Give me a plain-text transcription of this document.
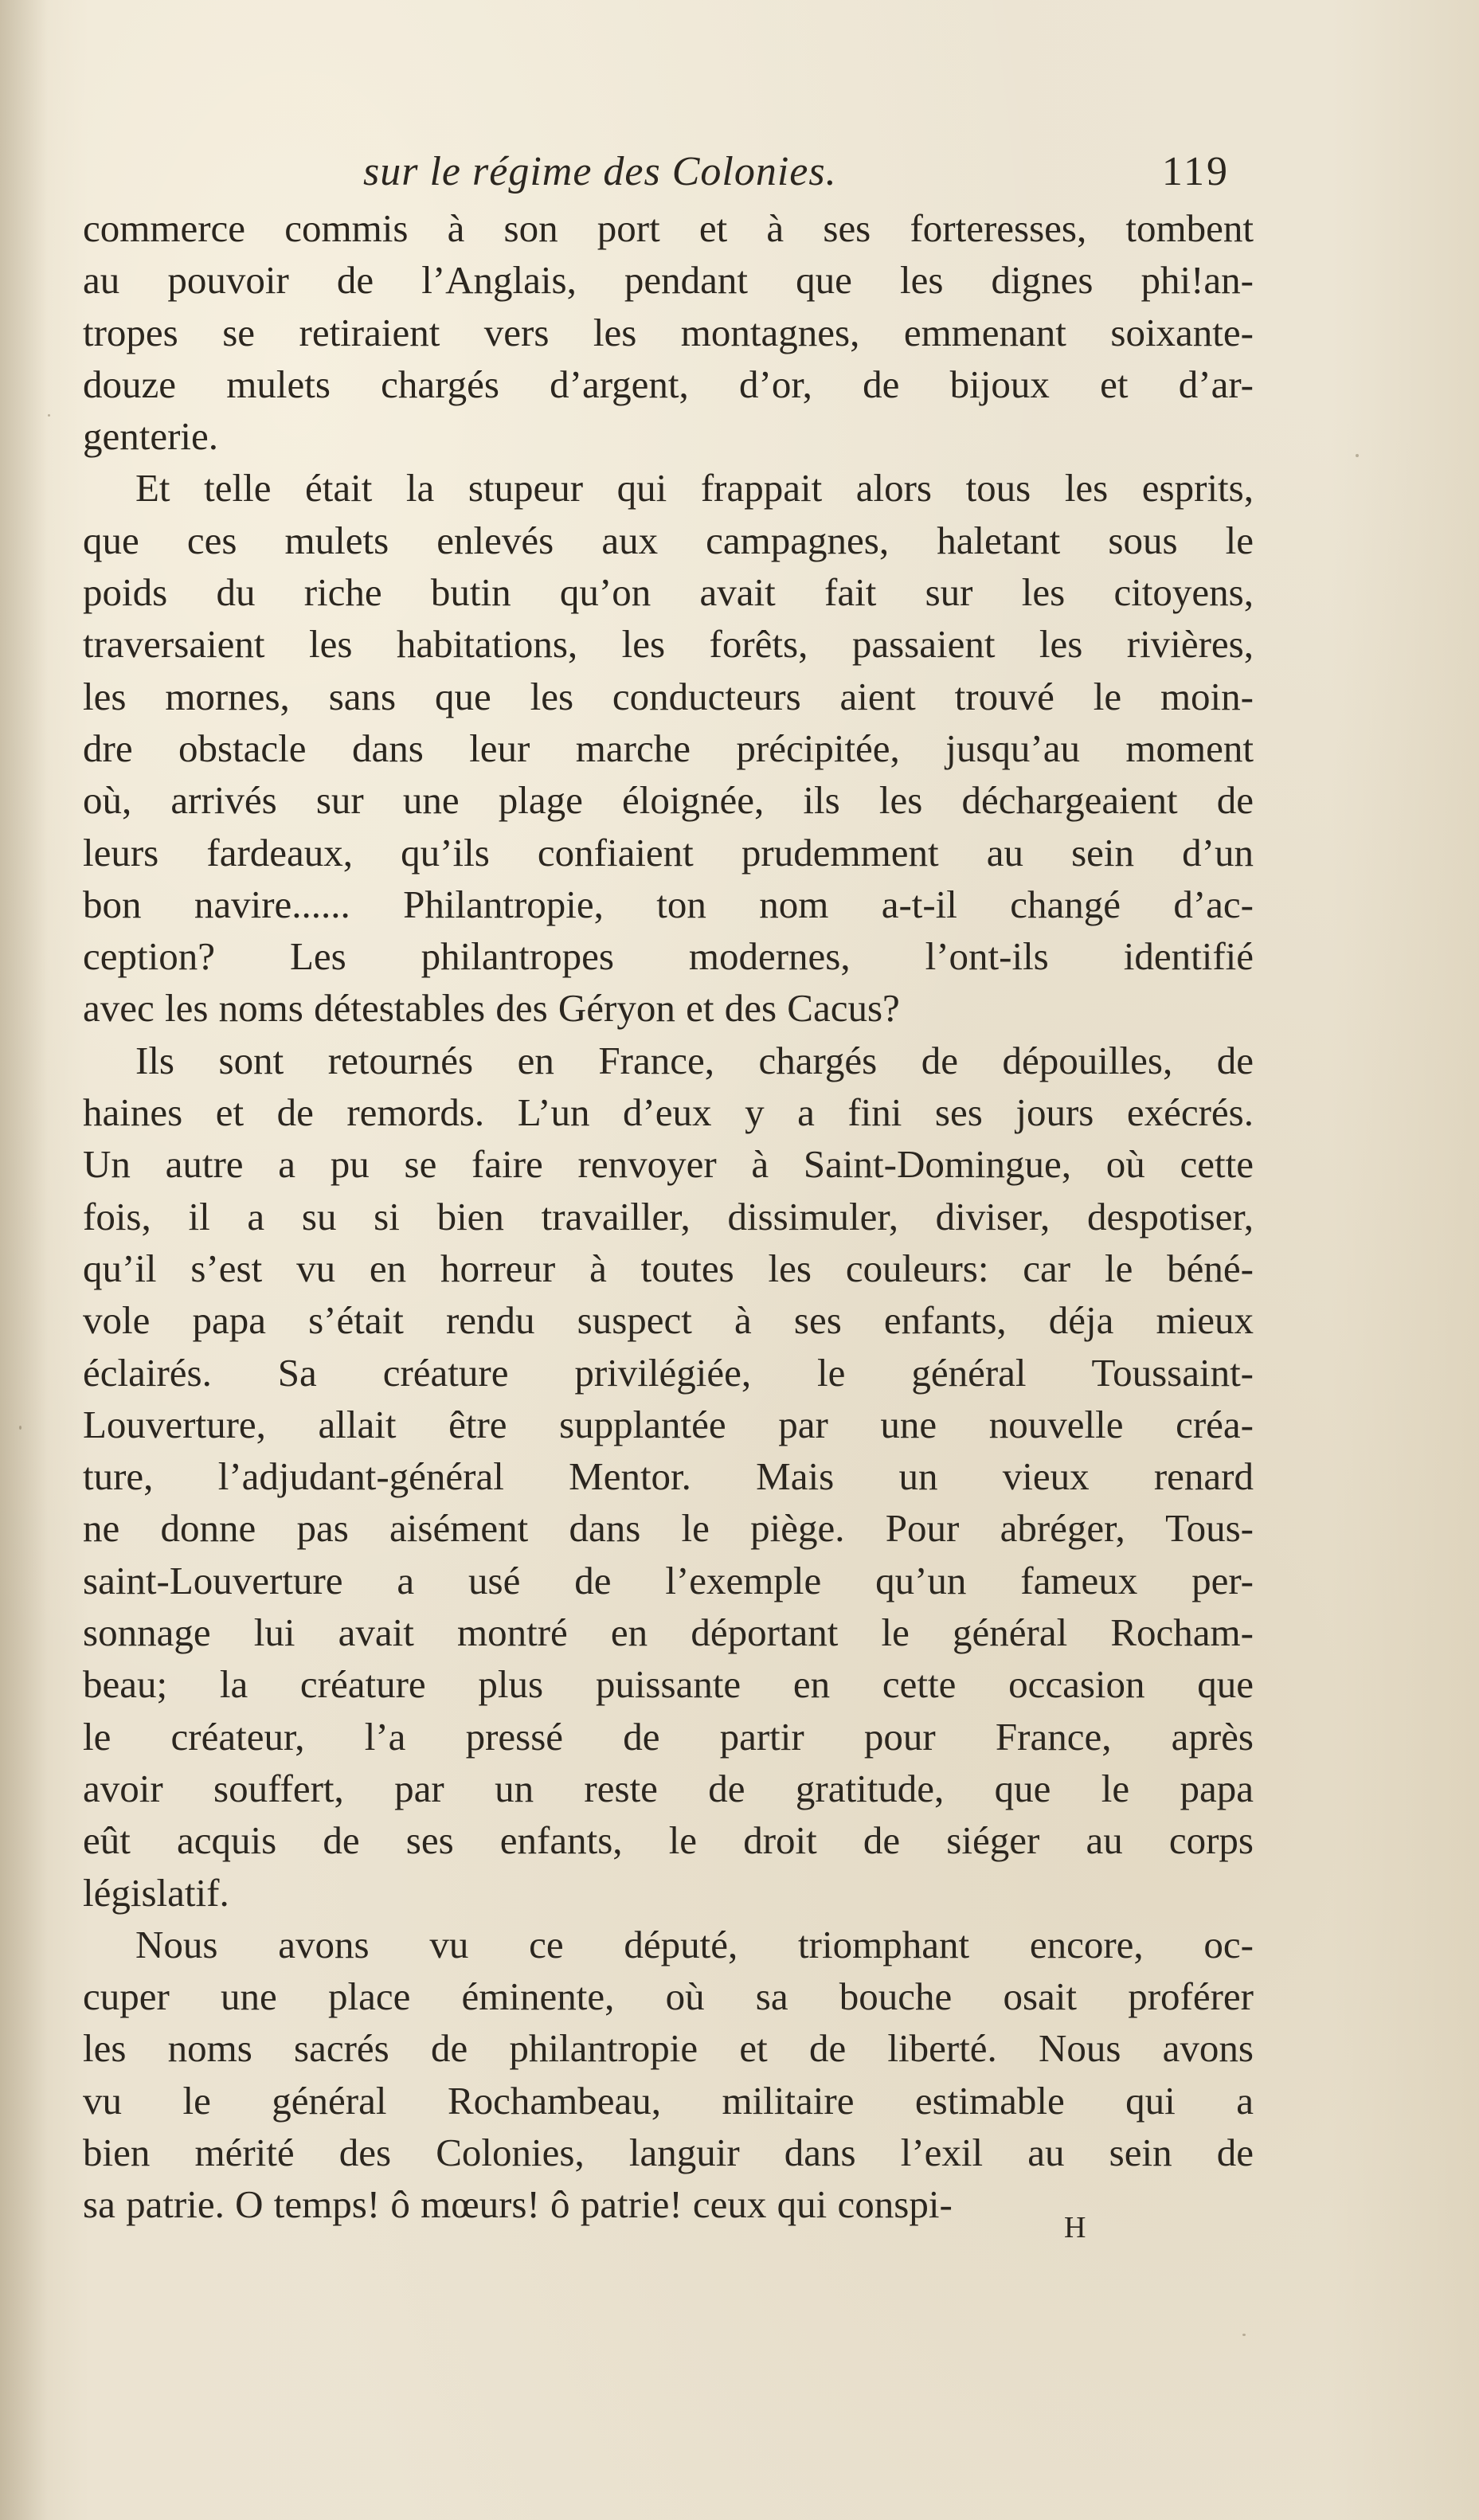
sur le régime des Colonies.	119
commerce commis à son port et à ses forteresses, tombent
au pouvoir de l’Anglais, pendant que les dignes phi!an-
tropes se retiraient vers les montagnes, emmenant soixante-
douze mulets chargés d’argent, d’or, de bijoux et d’ar-
genterie.
Et telle était la stupeur qui frappait alors tous les esprits,
que ces mulets enlevés aux campagnes, haletant sous le
poids du riche butin qu’on avait fait sur les citoyens,
traversaient les habitations, les forêts, passaient les rivières,
les mornes, sans que les conducteurs aient trouvé le moin-
dre obstacle dans leur marche précipitée, jusqu’au moment
où, arrivés sur une plage éloignée, ils les déchargeaient de
leurs fardeaux, qu’ils confiaient prudemment au sein d’un
bon navire...... Philantropie, ton nom a-t-il changé d’ac-
ception? Les philantropes modernes, l’ont-ils identifié
avec les noms détestables des Géryon et des Cacus?
Ils sont retournés en France, chargés de dépouilles, de
haines et de remords. L’un d’eux y a fini ses jours exécrés.
Un autre a pu se faire renvoyer à Saint-Domingue, où cette
fois, il a su si bien travailler, dissimuler, diviser, despotiser,
qu’il s’est vu en horreur à toutes les couleurs: car le béné-
vole papa s’était rendu suspect à ses enfants, déja mieux
éclairés. Sa créature privilégiée, le général Toussaint-
Louverture, allait être supplantée par une nouvelle créa-
ture, l’adjudant-général Mentor. Mais un vieux renard
ne donne pas aisément dans le piège. Pour abréger, Tous-
saint-Louverture a usé de l’exemple qu’un fameux per-
sonnage lui avait montré en déportant le général Rocham-
beau; la créature plus puissante en cette occasion que
le créateur, l’a pressé de partir pour France, après
avoir souffert, par un reste de gratitude, que le papa
eût acquis de ses enfants, le droit de siéger au corps
législatif.
Nous avons vu ce député, triomphant encore, oc-
cuper une place éminente, où sa bouche osait proférer
les noms sacrés de philantropie et de liberté. Nous avons
vu le général Rochambeau, militaire estimable qui a
bien mérité des Colonies, languir dans l’exil au sein de
sa patrie. O temps! ô mœurs! ô patrie! ceux qui conspi-
H
